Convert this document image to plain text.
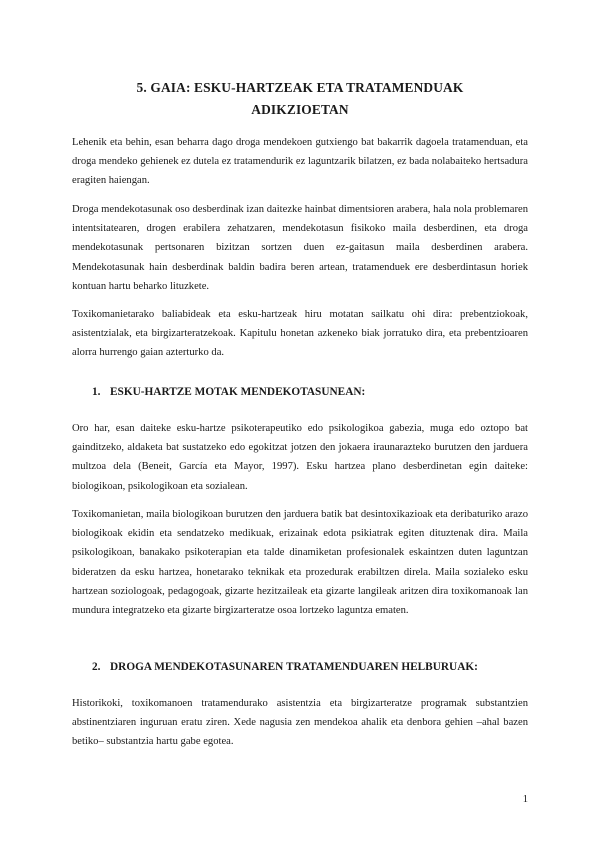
5. GAIA: ESKU-HARTZEAK ETA TRATAMENDUAK
ADIKZIOETAN

Lehenik eta behin, esan beharra dago droga mendekoen gutxiengo bat bakarrik dagoela tratamenduan, eta droga mendeko gehienek ez dutela ez tratamendurik ez laguntzarik bilatzen, ez bada nolabaiteko hertsadura eragiten haiengan.

Droga mendekotasunak oso desberdinak izan daitezke hainbat dimentsioren arabera, hala nola problemaren intentsitatearen, drogen erabilera zehatzaren, mendekotasun fisikoko maila desberdinen, eta droga mendekotasunak pertsonaren bizitzan sortzen duen ez-gaitasun maila desberdinen arabera. Mendekotasunak hain desberdinak baldin badira beren artean, tratamenduek ere desberdintasun horiek kontuan hartu beharko lituzkete.

Toxikomanietarako baliabideak eta esku-hartzeak hiru motatan sailkatu ohi dira: prebentziokoak, asistentzialak, eta birgizarteratzekoak. Kapitulu honetan azkeneko biak jorratuko dira, eta prebentzioaren alorra hurrengo gaian azterturko da.

1. ESKU-HARTZE MOTAK MENDEKOTASUNEAN:

Oro har, esan daiteke esku-hartze psikoterapeutiko edo psikologikoa gabezia, muga edo oztopo bat gainditzeko, aldaketa bat sustatzeko edo egokitzat jotzen den jokaera iraunarazteko burutzen den jarduera multzoa dela (Beneit, García eta Mayor, 1997). Esku hartzea plano desberdinetan egin daiteke: biologikoan, psikologikoan eta sozialean.

Toxikomanietan, maila biologikoan burutzen den jarduera batik bat desintoxikazioak eta deribaturiko arazo biologikoak ekidin eta sendatzeko medikuak, erizainak edota psikiatrak egiten dituztenak dira. Maila psikologikoan, banakako psikoterapian eta talde dinamiketan profesionalek eskaintzen duten laguntzan bideratzen da esku hartzea, honetarako teknikak eta prozedurak erabiltzen direla. Maila sozialeko esku hartzean soziologoak, pedagogoak, gizarte hezitzaileak eta gizarte langileak aritzen dira toxikomanoak lan mundura integratzeko eta gizarte birgizarteratze osoa lortzeko laguntza ematen.

2. DROGA MENDEKOTASUNAREN TRATAMENDUAREN HELBURUAK:

Historikoki, toxikomanoen tratamendurako asistentzia eta birgizarteratze programak substantzien abstinentziaren inguruan eratu ziren. Xede nagusia zen mendekoa ahalik eta denbora gehien –ahal bazen betiko– substantzia hartu gabe egotea.

1
